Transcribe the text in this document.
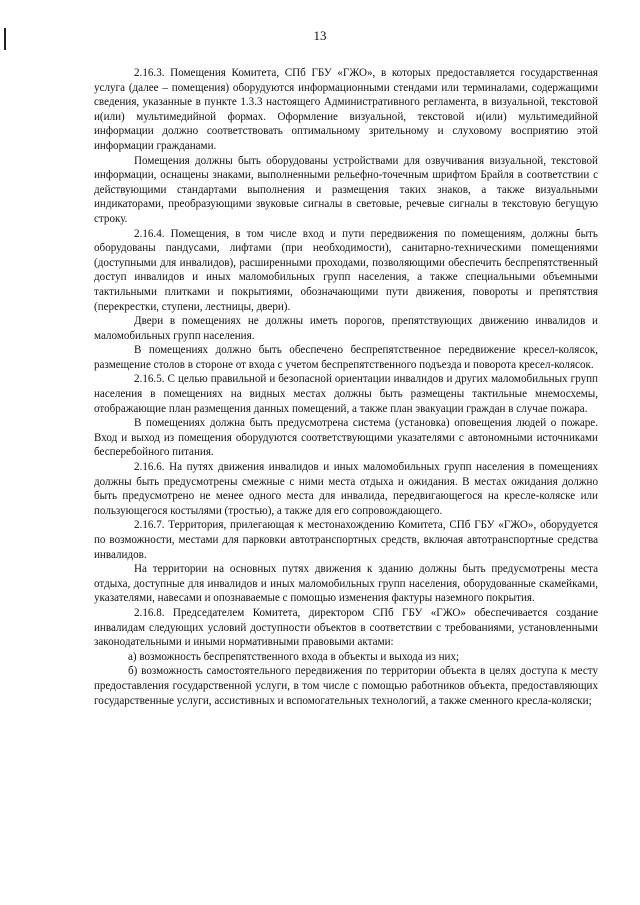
13

2.16.3. Помещения Комитета, СПб ГБУ «ГЖО», в которых предоставляется государственная услуга (далее – помещения) оборудуются информационными стендами или терминалами, содержащими сведения, указанные в пункте 1.3.3 настоящего Административного регламента, в визуальной, текстовой и(или) мультимедийной формах. Оформление визуальной, текстовой и(или) мультимедийной информации должно соответствовать оптимальному зрительному и слуховому восприятию этой информации гражданами.

Помещения должны быть оборудованы устройствами для озвучивания визуальной, текстовой информации, оснащены знаками, выполненными рельефно-точечным шрифтом Брайля в соответствии с действующими стандартами выполнения и размещения таких знаков, а также визуальными индикаторами, преобразующими звуковые сигналы в световые, речевые сигналы в текстовую бегущую строку.

2.16.4. Помещения, в том числе вход и пути передвижения по помещениям, должны быть оборудованы пандусами, лифтами (при необходимости), санитарно-техническими помещениями (доступными для инвалидов), расширенными проходами, позволяющими обеспечить беспрепятственный доступ инвалидов и иных маломобильных групп населения, а также специальными объемными тактильными плитками и покрытиями, обозначающими пути движения, повороты и препятствия (перекрестки, ступени, лестницы, двери).

Двери в помещениях не должны иметь порогов, препятствующих движению инвалидов и маломобильных групп населения.

В помещениях должно быть обеспечено беспрепятственное передвижение кресел-колясок, размещение столов в стороне от входа с учетом беспрепятственного подъезда и поворота кресел-колясок.

2.16.5. С целью правильной и безопасной ориентации инвалидов и других маломобильных групп населения в помещениях на видных местах должны быть размещены тактильные мнемосхемы, отображающие план размещения данных помещений, а также план эвакуации граждан в случае пожара.

В помещениях должна быть предусмотрена система (установка) оповещения людей о пожаре. Вход и выход из помещения оборудуются соответствующими указателями с автономными источниками бесперебойного питания.

2.16.6. На путях движения инвалидов и иных маломобильных групп населения в помещениях должны быть предусмотрены смежные с ними места отдыха и ожидания. В местах ожидания должно быть предусмотрено не менее одного места для инвалида, передвигающегося на кресле-коляске или пользующегося костылями (тростью), а также для его сопровождающего.

2.16.7. Территория, прилегающая к местонахождению Комитета, СПб ГБУ «ГЖО», оборудуется по возможности, местами для парковки автотранспортных средств, включая автотранспортные средства инвалидов.

На территории на основных путях движения к зданию должны быть предусмотрены места отдыха, доступные для инвалидов и иных маломобильных групп населения, оборудованные скамейками, указателями, навесами и опознаваемые с помощью изменения фактуры наземного покрытия.

2.16.8. Председателем Комитета, директором СПб ГБУ «ГЖО» обеспечивается создание инвалидам следующих условий доступности объектов в соответствии с требованиями, установленными законодательными и иными нормативными правовыми актами:

а) возможность беспрепятственного входа в объекты и выхода из них;

б) возможность самостоятельного передвижения по территории объекта в целях доступа к месту предоставления государственной услуги, в том числе с помощью работников объекта, предоставляющих государственные услуги, ассистивных и вспомогательных технологий, а также сменного кресла-коляски;
